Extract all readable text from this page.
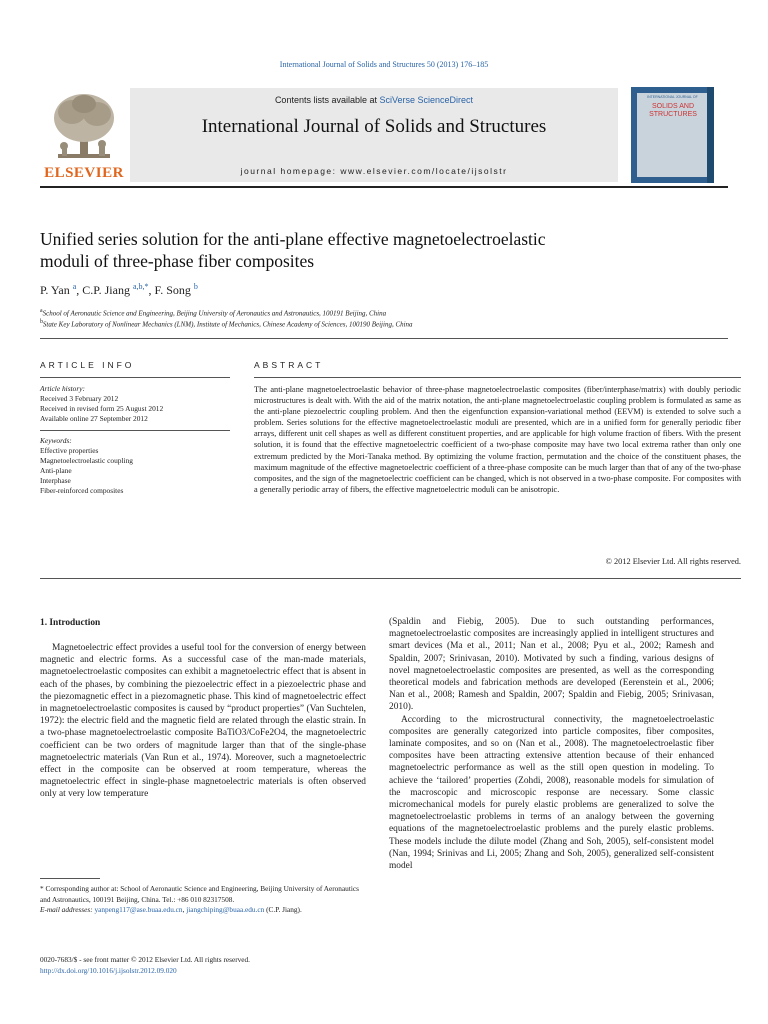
International Journal of Solids and Structures 50 (2013) 176–185
ELSEVIER
Contents lists available at SciVerse ScienceDirect
International Journal of Solids and Structures
journal homepage: www.elsevier.com/locate/ijsolstr
INTERNATIONAL JOURNAL OF
SOLIDS AND STRUCTURES
Unified series solution for the anti-plane effective magnetoelectroelastic
moduli of three-phase fiber composites
P. Yan $^a$, C.P. Jiang $^{a,b,*}$, F. Song $^b$
$^a$School of Aeronautic Science and Engineering, Beijing University of Aeronautics and Astronautics, 100191 Beijing, China
$^b$State Key Laboratory of Nonlinear Mechanics (LNM), Institute of Mechanics, Chinese Academy of Sciences, 100190 Beijing, China
ARTICLE INFO
Article history:
Received 3 February 2012
Received in revised form 25 August 2012
Available online 27 September 2012
Keywords:
Effective properties
Magnetoelectroelastic coupling
Anti-plane
Interphase
Fiber-reinforced composites
ABSTRACT
The anti-plane magnetoelectroelastic behavior of three-phase magnetoelectroelastic composites (fiber/interphase/matrix) with doubly periodic microstructures is dealt with. With the aid of the matrix notation, the anti-plane magnetoelectroelastic coupling problem is formulated as same as the anti-plane piezoelectric coupling problem. And then the eigenfunction expansion-variational method (EEVM) is extended to solve such a problem. Series solutions for the effective magnetoelectroelastic moduli are presented, which are in a unified form for generally periodic fiber arrays, different unit cell shapes as well as different constituent properties, and are applicable for high volume fraction of fibers. With the present solution, it is found that the effective magnetoelectric coefficient of a two-phase composite may have two local extrema rather than only one extremum predicted by the Mori-Tanaka method. By optimizing the volume fraction, permutation and the choice of the constituent phases, the maximum magnitude of the effective magnetoelectric coefficient of a three-phase composite can be much larger than that of any of the two-phase composites, and the sign of the magnetoelectric coefficient can be changed, which is not observed in a two-phase composite. For composites with a generally periodic array of fibers, the effective magnetoelectric moduli can be anisotropic.
© 2012 Elsevier Ltd. All rights reserved.
1. Introduction
Magnetoelectric effect provides a useful tool for the conversion of energy between magnetic and electric forms. As a successful case of the man-made materials, magnetoelectroelastic composites can exhibit a magnetoelectric effect that is absent in each of the phases, by combining the piezoelectric effect in a piezoelectric phase and the piezomagnetic effect in a piezomagnetic phase. This kind of magnetoelectric effect in magnetoelectroelastic composites is caused by “product properties” (Van Suchtelen, 1972): the electric field and the magnetic field are related through the elastic strain. In a two-phase magnetoelectroelastic composite BaTiO3/CoFe2O4, the magnetoelectric coefficient can be two orders of magnitude larger than that of the single-phase magnetoelectric materials (Van Run et al., 1974). Moreover, such a magnetoelectric effect in the composite can be observed at room temperature, whereas the magnetoelectric effect in single-phase magnetoelectric materials is often observed only at very low temperature

(Spaldin and Fiebig, 2005). Due to such outstanding performances, magnetoelectroelastic composites are increasingly applied in intelligent structures and smart devices (Ma et al., 2011; Nan et al., 2008; Pyu et al., 2002; Ramesh and Spaldin, 2007; Srinivasan, 2010). Motivated by such a finding, various designs of novel magnetoelectroelastic composites are presented, as well as the corresponding theoretical models and fabrication methods are developed (Eerenstein et al., 2006; Nan et al., 2008; Ramesh and Spaldin, 2007; Spaldin and Fiebig, 2005; Srinivasan, 2010).

According to the microstructural connectivity, the magnetoelectroelastic composites are generally categorized into particle composites, fiber composites, laminate composites, and so on (Nan et al., 2008). The magnetoelectroelastic fiber composites have been attracting extensive attention because of their enhanced magnetoelectric performance as well as the still open question in modeling. To achieve the ‘tailored’ properties (Zohdi, 2008), reasonable models for simulation of the macroscopic and microscopic response are necessary. Some classic micromechanical models for purely elastic problems are generalized to solve the magnetoelectroelastic problems in terms of an analogy between the governing equations of the magnetoelectroelastic problems and the purely elastic problems. These models include the dilute model (Zhang and Soh, 2005), self-consistent model (Nan, 1994; Srinivas and Li, 2005; Zhang and Soh, 2005), generalized self-consistent model

* Corresponding author at: School of Aeronautic Science and Engineering, Beijing University of Aeronautics and Astronautics, 100191 Beijing, China. Tel.: +86 010 82317508.
E-mail addresses: yanpeng117@ase.buaa.edu.cn, jiangchiping@buaa.edu.cn (C.P. Jiang).
0020-7683/$ - see front matter © 2012 Elsevier Ltd. All rights reserved.
http://dx.doi.org/10.1016/j.ijsolstr.2012.09.020
